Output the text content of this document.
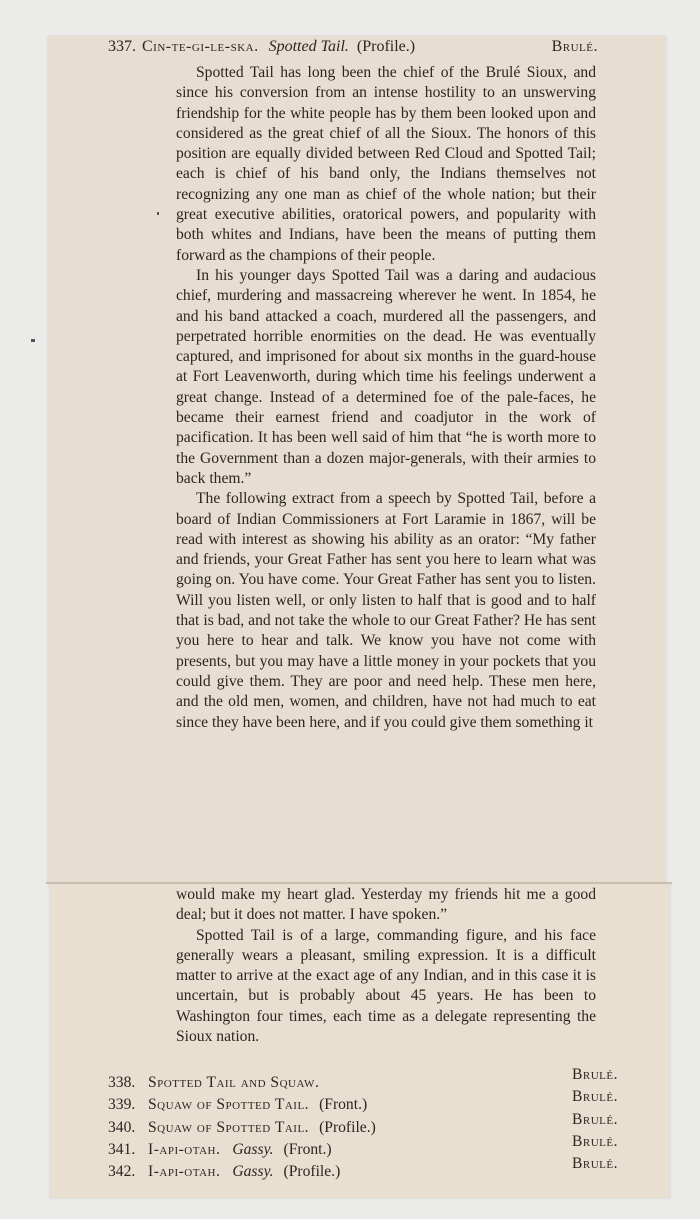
337. Cin-te-gi-le-ska. Spotted Tail. (Profile.)	Brulé.

Spotted Tail has long been the chief of the Brulé Sioux, and since his conversion from an intense hostility to an unswerving friendship for the white people has by them been looked upon and considered as the great chief of all the Sioux. The honors of this position are equally divided between Red Cloud and Spotted Tail; each is chief of his band only, the Indians themselves not recognizing any one man as chief of the whole nation; but their great executive abilities, oratorical powers, and popularity with both whites and Indians, have been the means of putting them forward as the champions of their people.

In his younger days Spotted Tail was a daring and audacious chief, murdering and massacreing wherever he went. In 1854, he and his band attacked a coach, murdered all the passengers, and perpetrated horrible enormities on the dead. He was eventually captured, and imprisoned for about six months in the guard-house at Fort Leavenworth, during which time his feelings underwent a great change. Instead of a determined foe of the pale-faces, he became their earnest friend and coadjutor in the work of pacification. It has been well said of him that “he is worth more to the Government than a dozen major-generals, with their armies to back them.”

The following extract from a speech by Spotted Tail, before a board of Indian Commissioners at Fort Laramie in 1867, will be read with interest as showing his ability as an orator: “My father and friends, your Great Father has sent you here to learn what was going on. You have come. Your Great Father has sent you to listen. Will you listen well, or only listen to half that is good and to half that is bad, and not take the whole to our Great Father? He has sent you here to hear and talk. We know you have not come with presents, but you may have a little money in your pockets that you could give them. They are poor and need help. These men here, and the old men, women, and children, have not had much to eat since they have been here, and if you could give them something it

would make my heart glad. Yesterday my friends hit me a good deal; but it does not matter. I have spoken.”

Spotted Tail is of a large, commanding figure, and his face generally wears a pleasant, smiling expression. It is a difficult matter to arrive at the exact age of any Indian, and in this case it is uncertain, but is probably about 45 years. He has been to Washington four times, each time as a delegate representing the Sioux nation.

338. Spotted Tail and Squaw.	Brulé.
339. Squaw of Spotted Tail. (Front.)	Brulé.
340. Squaw of Spotted Tail. (Profile.)	Brulé.
341. I-api-otah. Gassy. (Front.)	Brulé.
342. I-api-otah. Gassy. (Profile.)	Brulé.
